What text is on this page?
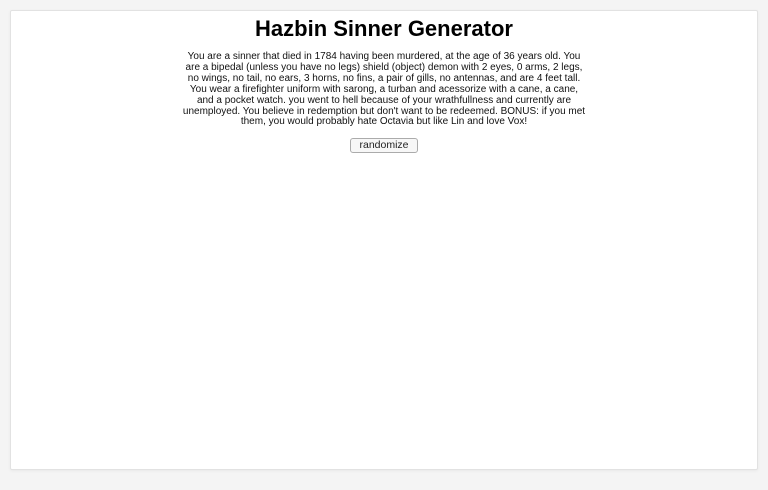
Hazbin Sinner Generator

You are a sinner that died in 1784 having been murdered, at the age of 36 years old. You are a bipedal (unless you have no legs) shield (object) demon with 2 eyes, 0 arms, 2 legs, no wings, no tail, no ears, 3 horns, no fins, a pair of gills, no antennas, and are 4 feet tall. You wear a firefighter uniform with sarong, a turban and acessorize with a cane, a cane, and a pocket watch. you went to hell because of your wrathfullness and currently are unemployed. You believe in redemption but don't want to be redeemed. BONUS: if you met them, you would probably hate Octavia but like Lin and love Vox!

randomize
